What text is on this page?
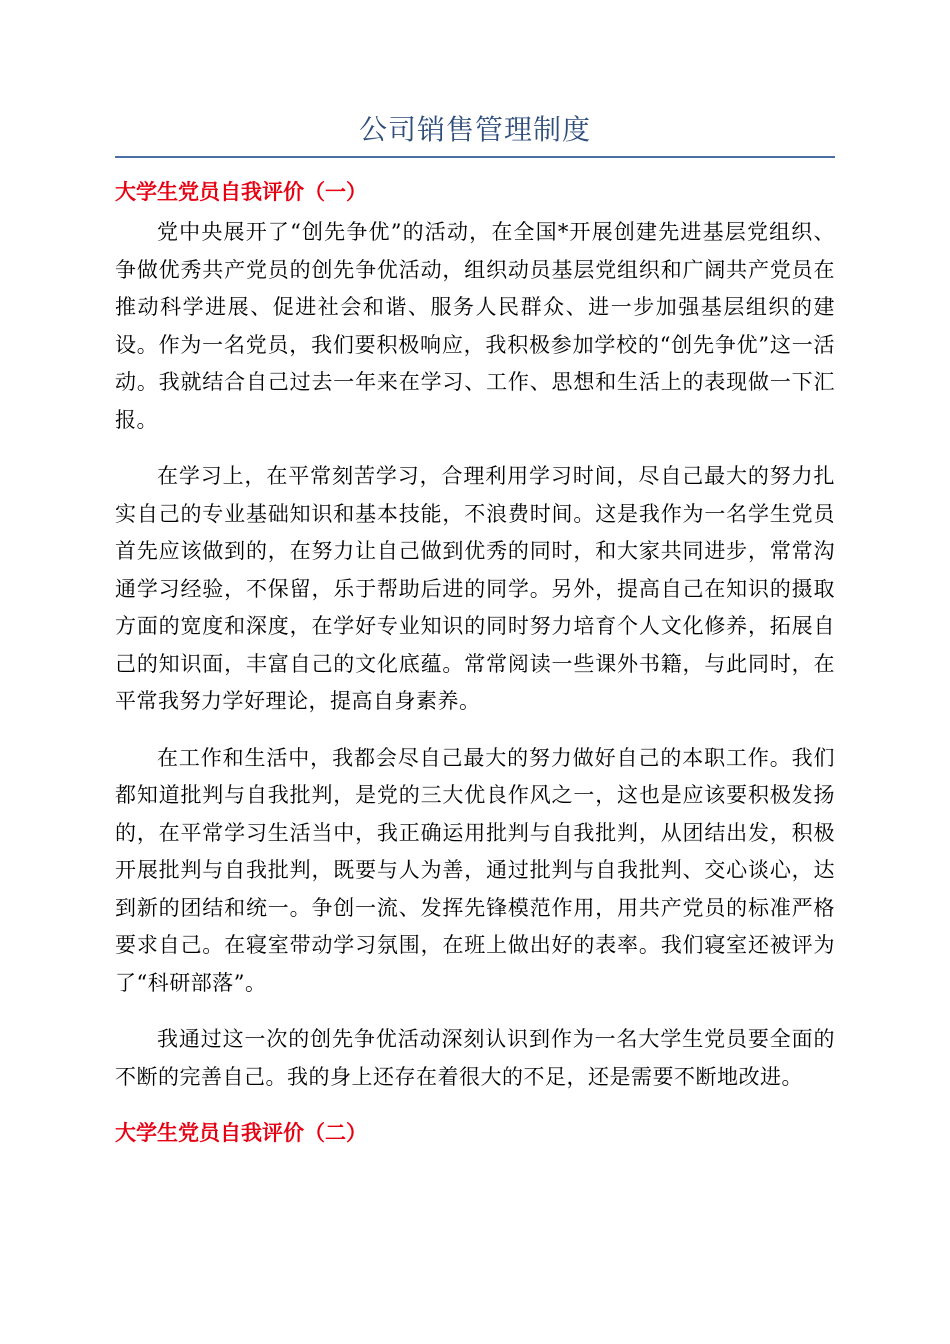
公司销售管理制度
大学生党员自我评价（一）

党中央展开了“创先争优”的活动，在全国*开展创建先进基层党组织、争做优秀共产党员的创先争优活动，组织动员基层党组织和广阔共产党员在推动科学进展、促进社会和谐、服务人民群众、进一步加强基层组织的建设。作为一名党员，我们要积极响应，我积极参加学校的“创先争优”这一活动。我就结合自己过去一年来在学习、工作、思想和生活上的表现做一下汇报。

在学习上，在平常刻苦学习，合理利用学习时间，尽自己最大的努力扎实自己的专业基础知识和基本技能，不浪费时间。这是我作为一名学生党员首先应该做到的，在努力让自己做到优秀的同时，和大家共同进步，常常沟通学习经验，不保留，乐于帮助后进的同学。另外，提高自己在知识的摄取方面的宽度和深度，在学好专业知识的同时努力培育个人文化修养，拓展自己的知识面，丰富自己的文化底蕴。常常阅读一些课外书籍，与此同时，在平常我努力学好理论，提高自身素养。

在工作和生活中，我都会尽自己最大的努力做好自己的本职工作。我们都知道批判与自我批判，是党的三大优良作风之一，这也是应该要积极发扬的，在平常学习生活当中，我正确运用批判与自我批判，从团结出发，积极开展批判与自我批判，既要与人为善，通过批判与自我批判、交心谈心，达到新的团结和统一。争创一流、发挥先锋模范作用，用共产党员的标准严格要求自己。在寝室带动学习氛围，在班上做出好的表率。我们寝室还被评为了“科研部落”。

我通过这一次的创先争优活动深刻认识到作为一名大学生党员要全面的不断的完善自己。我的身上还存在着很大的不足，还是需要不断地改进。

大学生党员自我评价（二）
